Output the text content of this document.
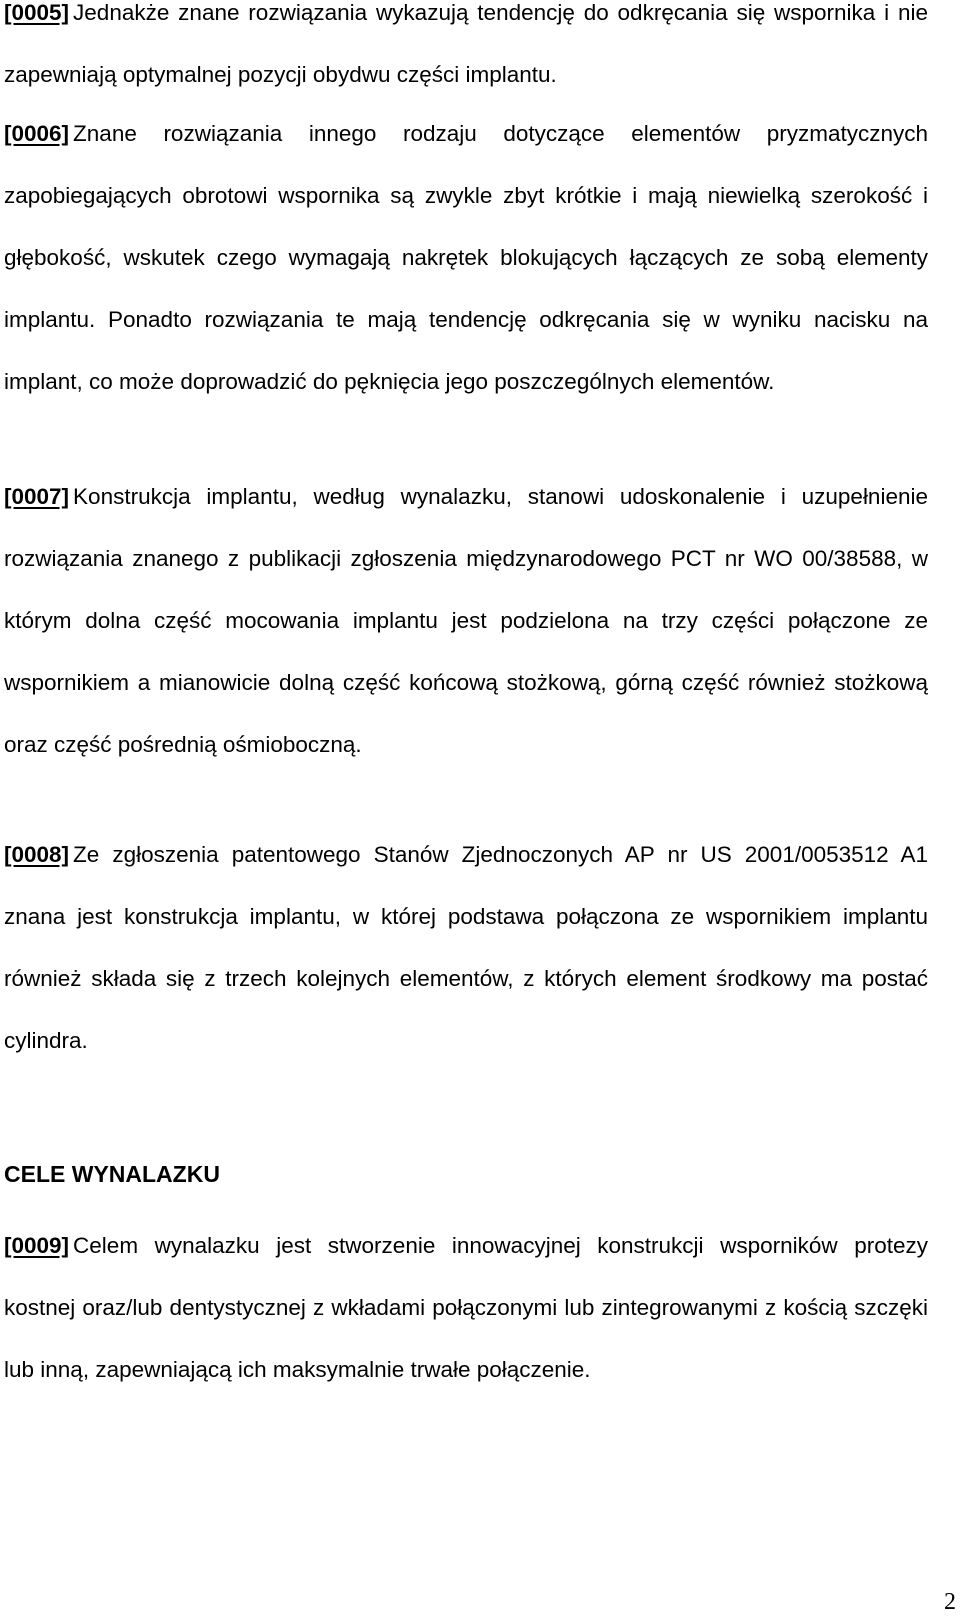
[0005] Jednakże znane rozwiązania wykazują tendencję do odkręcania się wspornika i nie zapewniają optymalnej pozycji obydwu części implantu.

[0006] Znane rozwiązania innego rodzaju dotyczące elementów pryzmatycznych zapobiegających obrotowi wspornika są zwykle zbyt krótkie i mają niewielką szerokość i głębokość, wskutek czego wymagają nakrętek blokujących łączących ze sobą elementy implantu. Ponadto rozwiązania te mają tendencję odkręcania się w wyniku nacisku na implant, co może doprowadzić do pęknięcia jego poszczególnych elementów.

[0007] Konstrukcja implantu, według wynalazku, stanowi udoskonalenie i uzupełnienie rozwiązania znanego z publikacji zgłoszenia międzynarodowego PCT nr WO 00/38588, w którym dolna część mocowania implantu jest podzielona na trzy części połączone ze wspornikiem a mianowicie dolną część końcową stożkową, górną część również stożkową oraz część pośrednią ośmioboczną.

[0008] Ze zgłoszenia patentowego Stanów Zjednoczonych AP nr US 2001/0053512 A1 znana jest konstrukcja implantu, w której podstawa połączona ze wspornikiem implantu również składa się z trzech kolejnych elementów, z których element środkowy ma postać cylindra.

CELE WYNALAZKU

[0009] Celem wynalazku jest stworzenie innowacyjnej konstrukcji wsporników protezy kostnej oraz/lub dentystycznej z wkładami połączonymi lub zintegrowanymi z kością szczęki lub inną, zapewniającą ich maksymalnie trwałe połączenie.

2
